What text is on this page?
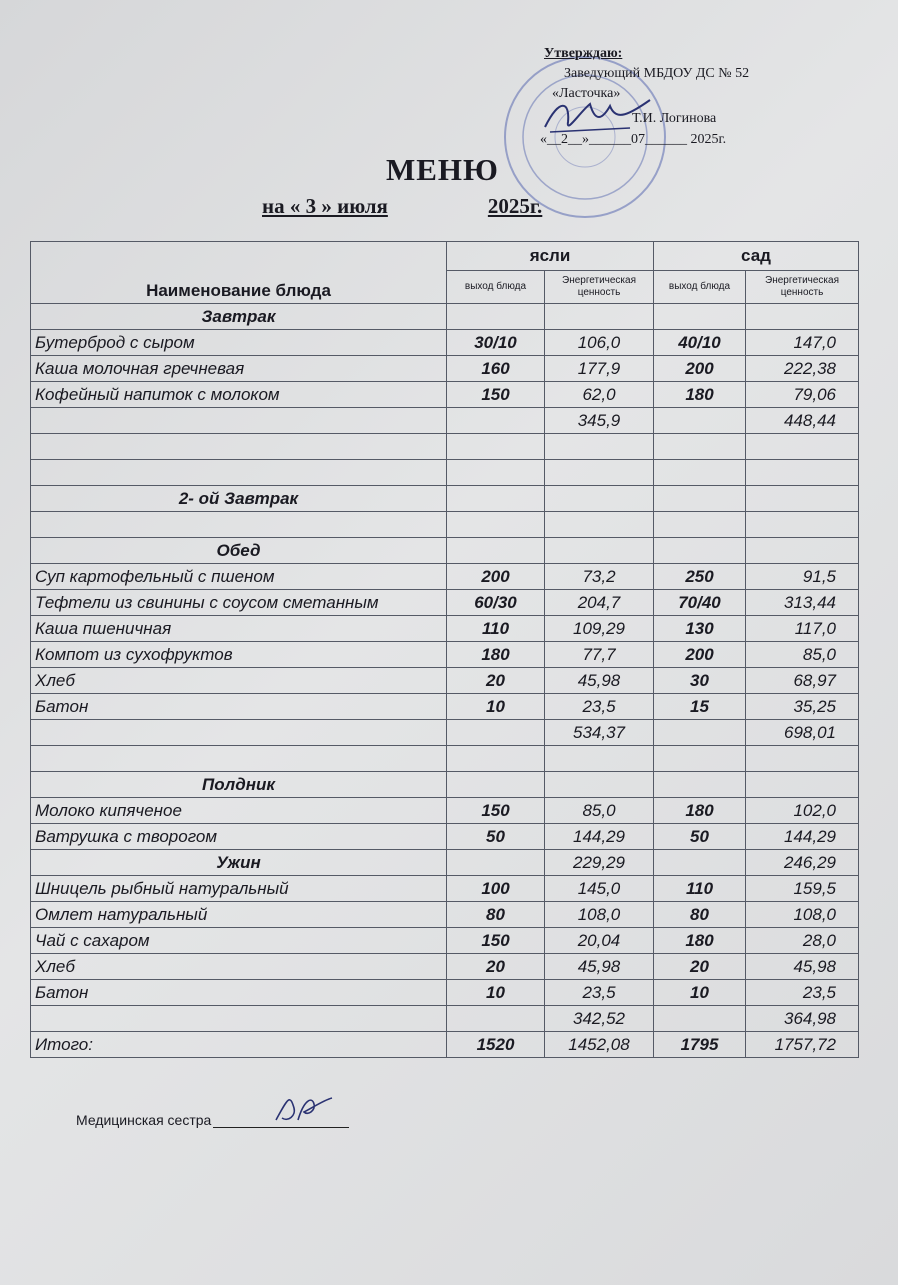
Утверждаю:
Заведующий МБДОУ ДС № 52
«Ласточка»
Т.И. Логинова
«__2__»______07______ 2025г.
МЕНЮ
на « 3 » июля	2025г.
Наименование блюда	ясли		сад	
	выход блюда	Энергетическая ценность	выход блюда	Энергетическая ценность
Завтрак				
Бутерброд с сыром	30/10	106,0	40/10	147,0
Каша молочная гречневая	160	177,9	200	222,38
Кофейный напиток с молоком	150	62,0	180	79,06
		345,9		448,44

2- ой Завтрак				

Обед				
Суп картофельный с пшеном	200	73,2	250	91,5
Тефтели из свинины с соусом сметанным	60/30	204,7	70/40	313,44
Каша пшеничная	110	109,29	130	117,0
Компот из сухофруктов	180	77,7	200	85,0
Хлеб	20	45,98	30	68,97
Батон	10	23,5	15	35,25
		534,37		698,01

Полдник				
Молоко кипяченое	150	85,0	180	102,0
Ватрушка с творогом	50	144,29	50	144,29
Ужин		229,29		246,29
Шницель рыбный натуральный	100	145,0	110	159,5
Омлет натуральный	80	108,0	80	108,0
Чай с сахаром	150	20,04	180	28,0
Хлеб	20	45,98	20	45,98
Батон	10	23,5	10	23,5
		342,52		364,98
Итого:	1520	1452,08	1795	1757,72
Медицинская сестра
